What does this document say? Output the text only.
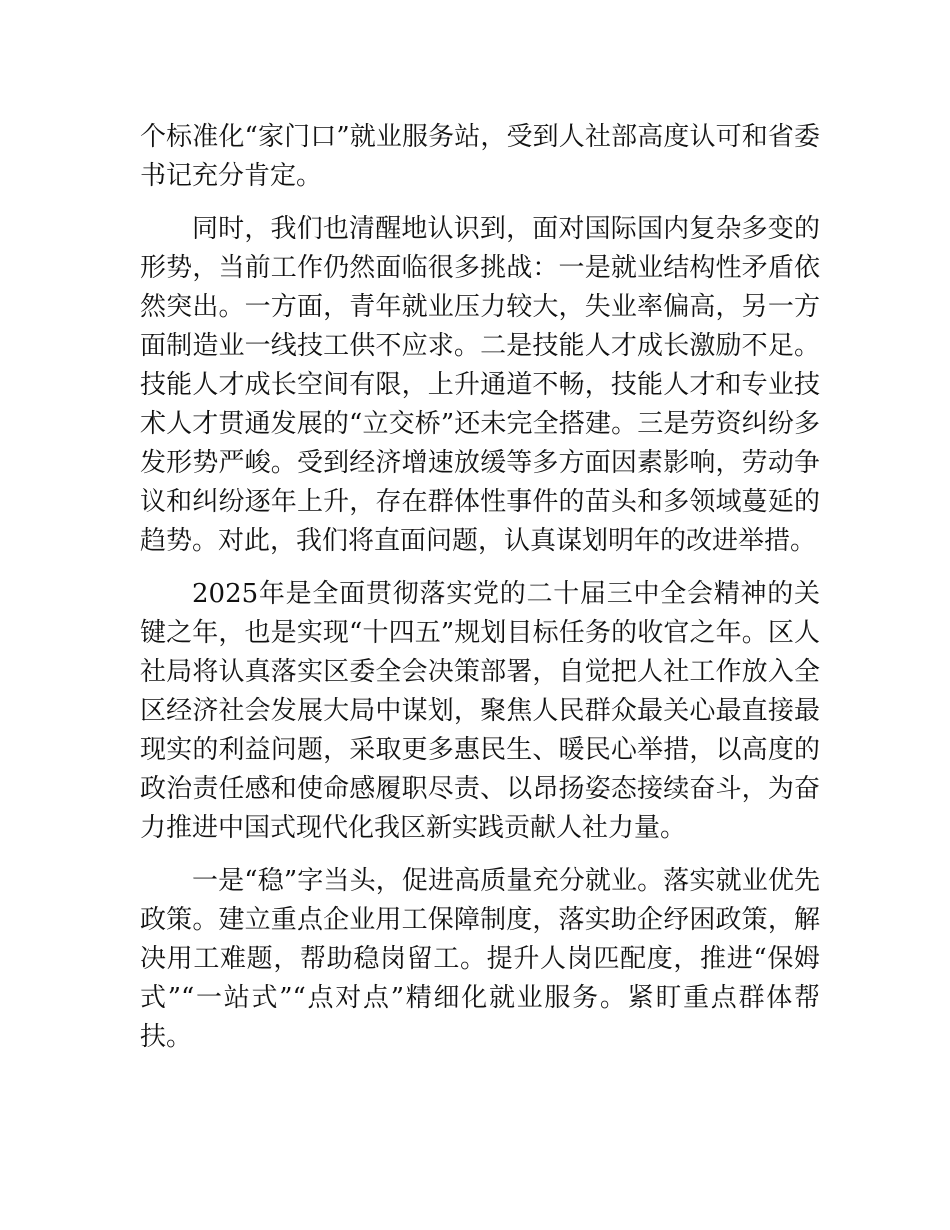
个标准化“家门口”就业服务站，受到人社部高度认可和省委书记充分肯定。

同时，我们也清醒地认识到，面对国际国内复杂多变的形势，当前工作仍然面临很多挑战：一是就业结构性矛盾依然突出。一方面，青年就业压力较大，失业率偏高，另一方面制造业一线技工供不应求。二是技能人才成长激励不足。技能人才成长空间有限，上升通道不畅，技能人才和专业技术人才贯通发展的“立交桥”还未完全搭建。三是劳资纠纷多发形势严峻。受到经济增速放缓等多方面因素影响，劳动争议和纠纷逐年上升，存在群体性事件的苗头和多领域蔓延的趋势。对此，我们将直面问题，认真谋划明年的改进举措。

2025年是全面贯彻落实党的二十届三中全会精神的关键之年，也是实现“十四五”规划目标任务的收官之年。区人社局将认真落实区委全会决策部署，自觉把人社工作放入全区经济社会发展大局中谋划，聚焦人民群众最关心最直接最现实的利益问题，采取更多惠民生、暖民心举措，以高度的政治责任感和使命感履职尽责、以昂扬姿态接续奋斗，为奋力推进中国式现代化我区新实践贡献人社力量。

一是“稳”字当头，促进高质量充分就业。落实就业优先政策。建立重点企业用工保障制度，落实助企纾困政策，解决用工难题，帮助稳岗留工。提升人岗匹配度，推进“保姆式”“一站式”“点对点”精细化就业服务。紧盯重点群体帮扶。
